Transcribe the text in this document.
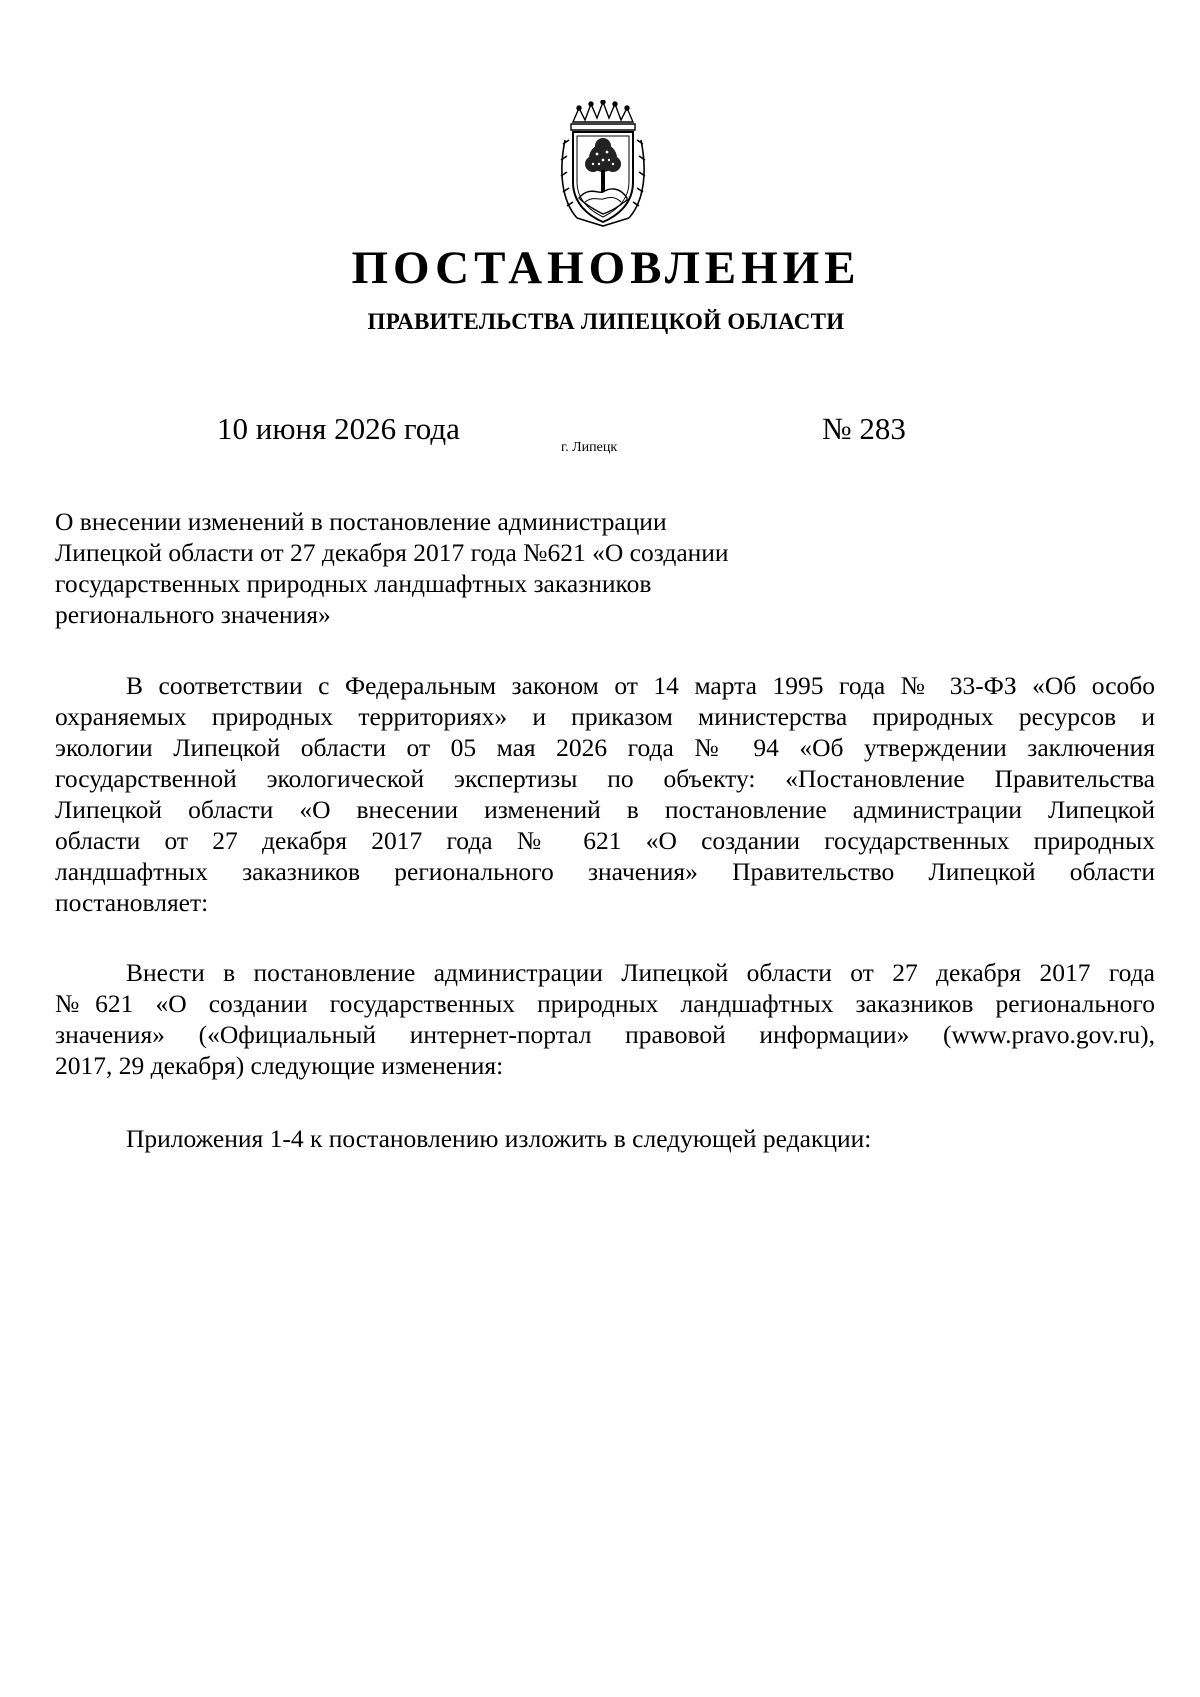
ПОСТАНОВЛЕНИЕ
ПРАВИТЕЛЬСТВА ЛИПЕЦКОЙ ОБЛАСТИ
10 июня 2026 года
г. Липецк
№ 283
О внесении изменений в постановление администрации
Липецкой области от 27 декабря 2017 года №621 «О создании
государственных природных ландшафтных заказников
регионального значения»
В соответствии с Федеральным законом от 14 марта 1995 года № 33-ФЗ «Об особо
охраняемых природных территориях» и приказом министерства природных ресурсов и
экологии Липецкой области от 05 мая 2026 года № 94 «Об утверждении заключения
государственной экологической экспертизы по объекту: «Постановление Правительства
Липецкой области «О внесении изменений в постановление администрации Липецкой
области от 27 декабря 2017 года № 621 «О создании государственных природных
ландшафтных заказников регионального значения» Правительство Липецкой области
постановляет:
Внести в постановление администрации Липецкой области от 27 декабря 2017 года
№621 «О создании государственных природных ландшафтных заказников регионального
значения» («Официальный интернет-портал правовой информации» (www.pravo.gov.ru),
2017, 29 декабря) следующие изменения:
Приложения 1-4 к постановлению изложить в следующей редакции:
